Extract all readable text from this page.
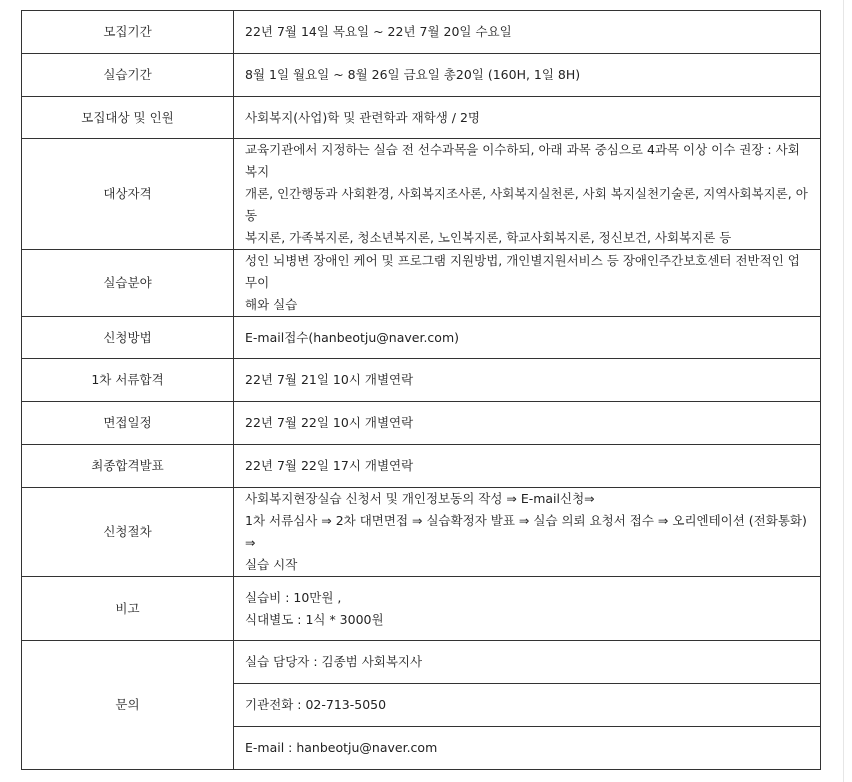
모집기간	22년 7월 14일 목요일 ~ 22년 7월 20일 수요일

실습기간	8월 1일 월요일 ~ 8월 26일 금요일 총20일 (160H, 1일 8H)

모집대상 및 인원	사회복지(사업)학 및 관련학과 재학생 / 2명

대상자격	교육기관에서 지정하는 실습 전 선수과목을 이수하되, 아래 과목 중심으로 4과목 이상 이수 권장 : 사회복지
개론, 인간행동과 사회환경, 사회복지조사론, 사회복지실천론, 사회 복지실천기술론, 지역사회복지론, 아동
복지론, 가족복지론, 청소년복지론, 노인복지론, 학교사회복지론, 정신보건, 사회복지론 등

실습분야	성인 뇌병변 장애인 케어 및 프로그램 지원방법, 개인별지원서비스 등 장애인주간보호센터 전반적인 업무이
해와 실습

신청방법	E-mail접수(hanbeotju@naver.com)

1차 서류합격	22년 7월 21일 10시 개별연락

면접일정	22년 7월 22일 10시 개별연락

최종합격발표	22년 7월 22일 17시 개별연락

신청절차	사회복지현장실습 신청서 및 개인정보동의 작성 ⇒ E-mail신청⇒
1차 서류심사 ⇒ 2차 대면면접 ⇒ 실습확정자 발표 ⇒ 실습 의뢰 요청서 접수 ⇒ 오리엔테이션 (전화통화) ⇒
실습 시작

비고	실습비 : 10만원 ,
식대별도 : 1식 * 3000원

문의	실습 담당자 : 김종범 사회복지사

	기관전화 : 02-713-5050

	E-mail : hanbeotju@naver.com
